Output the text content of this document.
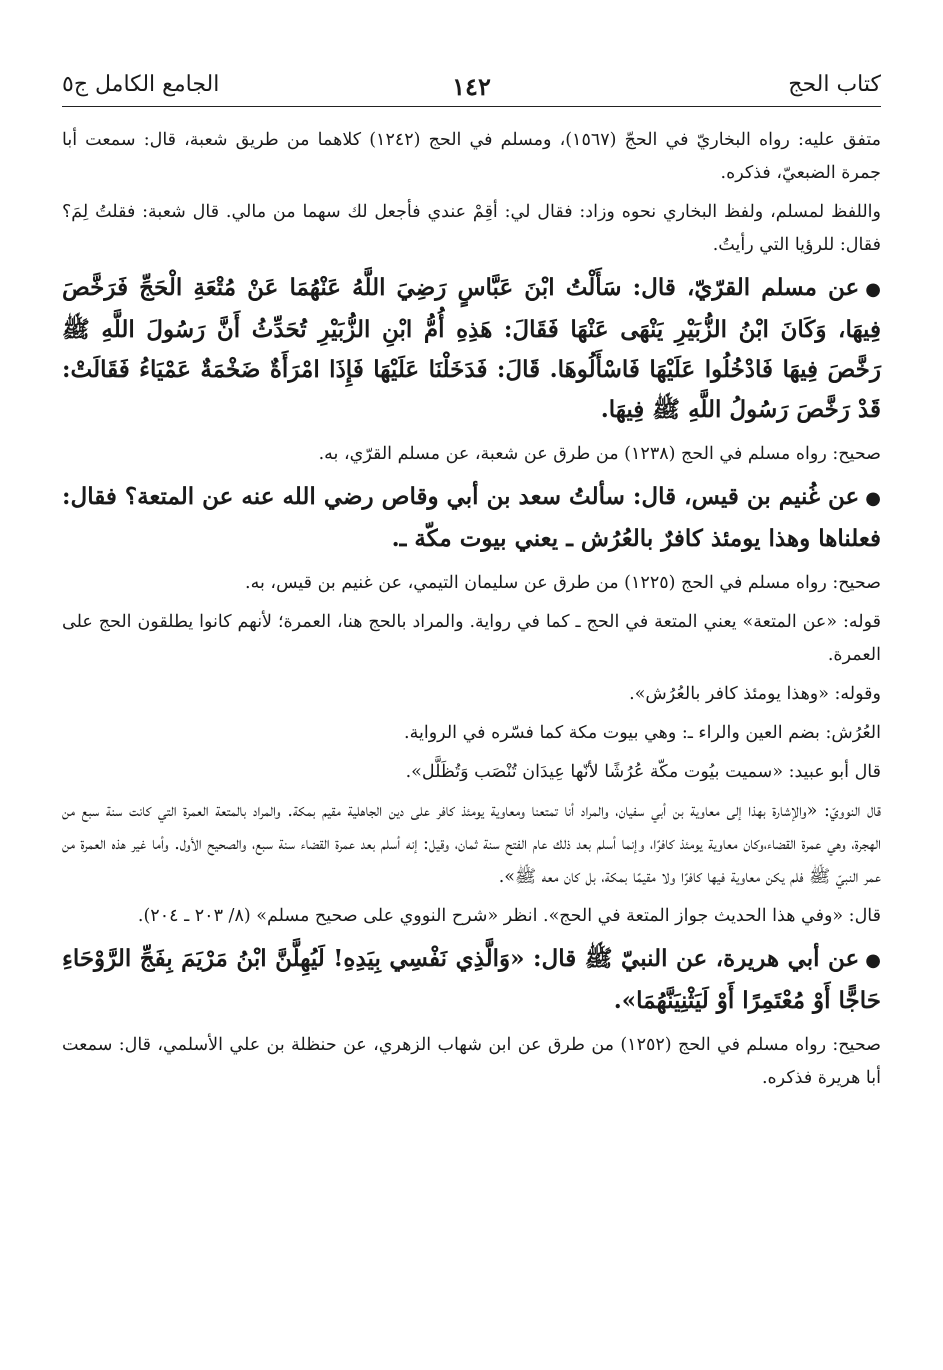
كتاب الحج
١٤٢
الجامع الكامل ج٥

متفق عليه: رواه البخاريّ في الحجّ (١٥٦٧)، ومسلم في الحج (١٢٤٢) كلاهما من طريق شعبة، قال: سمعت أبا جمرة الضبعيّ، فذكره.

واللفظ لمسلم، ولفظ البخاري نحوه وزاد: فقال لي: أقِمْ عندي فأجعل لك سهما من مالي. قال شعبة: فقلتُ لِمَ؟ فقال: للرؤيا التي رأيتُ.

●عن مسلم القرّيّ، قال: سَأَلْتُ ابْنَ عَبَّاسٍ رَضِيَ اللَّهُ عَنْهُمَا عَنْ مُتْعَةِ الْحَجِّ فَرَخَّصَ فِيهَا، وَكَانَ ابْنُ الزُّبَيْرِ يَنْهَى عَنْهَا فَقَالَ: هَذِهِ أُمُّ ابْنِ الزُّبَيْرِ تُحَدِّثُ أَنَّ رَسُولَ اللَّهِ ﷺ رَخَّصَ فِيهَا فَادْخُلُوا عَلَيْهَا فَاسْأَلُوهَا. قَالَ: فَدَخَلْنَا عَلَيْهَا فَإِذَا امْرَأَةٌ ضَخْمَةٌ عَمْيَاءُ فَقَالَتْ: قَدْ رَخَّصَ رَسُولُ اللَّهِ ﷺ فِيهَا.

صحيح: رواه مسلم في الحج (١٢٣٨) من طرق عن شعبة، عن مسلم القرّي، به.

●عن غُنيم بن قيس، قال: سألتُ سعد بن أبي وقاص رضي الله عنه عن المتعة؟ فقال: فعلناها وهذا يومئذ كافرٌ بالعُرُش ـ يعني بيوت مكّة ـ.

صحيح: رواه مسلم في الحج (١٢٢٥) من طرق عن سليمان التيمي، عن غنيم بن قيس، به.

قوله: «عن المتعة» يعني المتعة في الحج ـ كما في رواية. والمراد بالحج هنا، العمرة؛ لأنهم كانوا يطلقون الحج على العمرة.

وقوله: «وهذا يومئذ كافر بالعُرُش».

العُرُش: بضم العين والراء ـ: وهي بيوت مكة كما فسّره في الرواية.

قال أبو عبيد: «سميت بيُوت مكّة عُرُشًا لأنّها عِيدَان تُنْصَب وَتُظَلَّل».

قال النوويّ: «والإشارة بهذا إلى معاوية بن أبي سفيان، والمراد أنا تمتعنا ومعاوية يومئذ كافر على دين الجاهلية مقيم بمكة. والمراد بالمتعة العمرة التي كانت سنة سبع من الهجرة، وهي عمرة القضاء،وكان معاوية يومئذ كافرًا، وإنما أسلم بعد ذلك عام الفتح سنة ثمان، وقيل: إنه أسلم بعد عمرة القضاء سنة سبع، والصحيح الأول. وأما غير هذه العمرة من عمر النبيّ ﷺ فلم يكن معاوية فيها كافرًا ولا مقيمًا بمكة، بل كان معه ﷺ».

قال: «وفي هذا الحديث جواز المتعة في الحج». انظر «شرح النووي على صحيح مسلم» (٨/ ٢٠٣ ـ ٢٠٤).

●عن أبي هريرة، عن النبيّ ﷺ قال: «وَالَّذِي نَفْسِي بِيَدِهِ! لَيُهِلَّنَّ ابْنُ مَرْيَمَ بِفَجِّ الرَّوْحَاءِ حَاجًّا أَوْ مُعْتَمِرًا أَوْ لَيَثْنِيَنَّهُمَا».

صحيح: رواه مسلم في الحج (١٢٥٢) من طرق عن ابن شهاب الزهري، عن حنظلة بن علي الأسلمي، قال: سمعت أبا هريرة فذكره.
